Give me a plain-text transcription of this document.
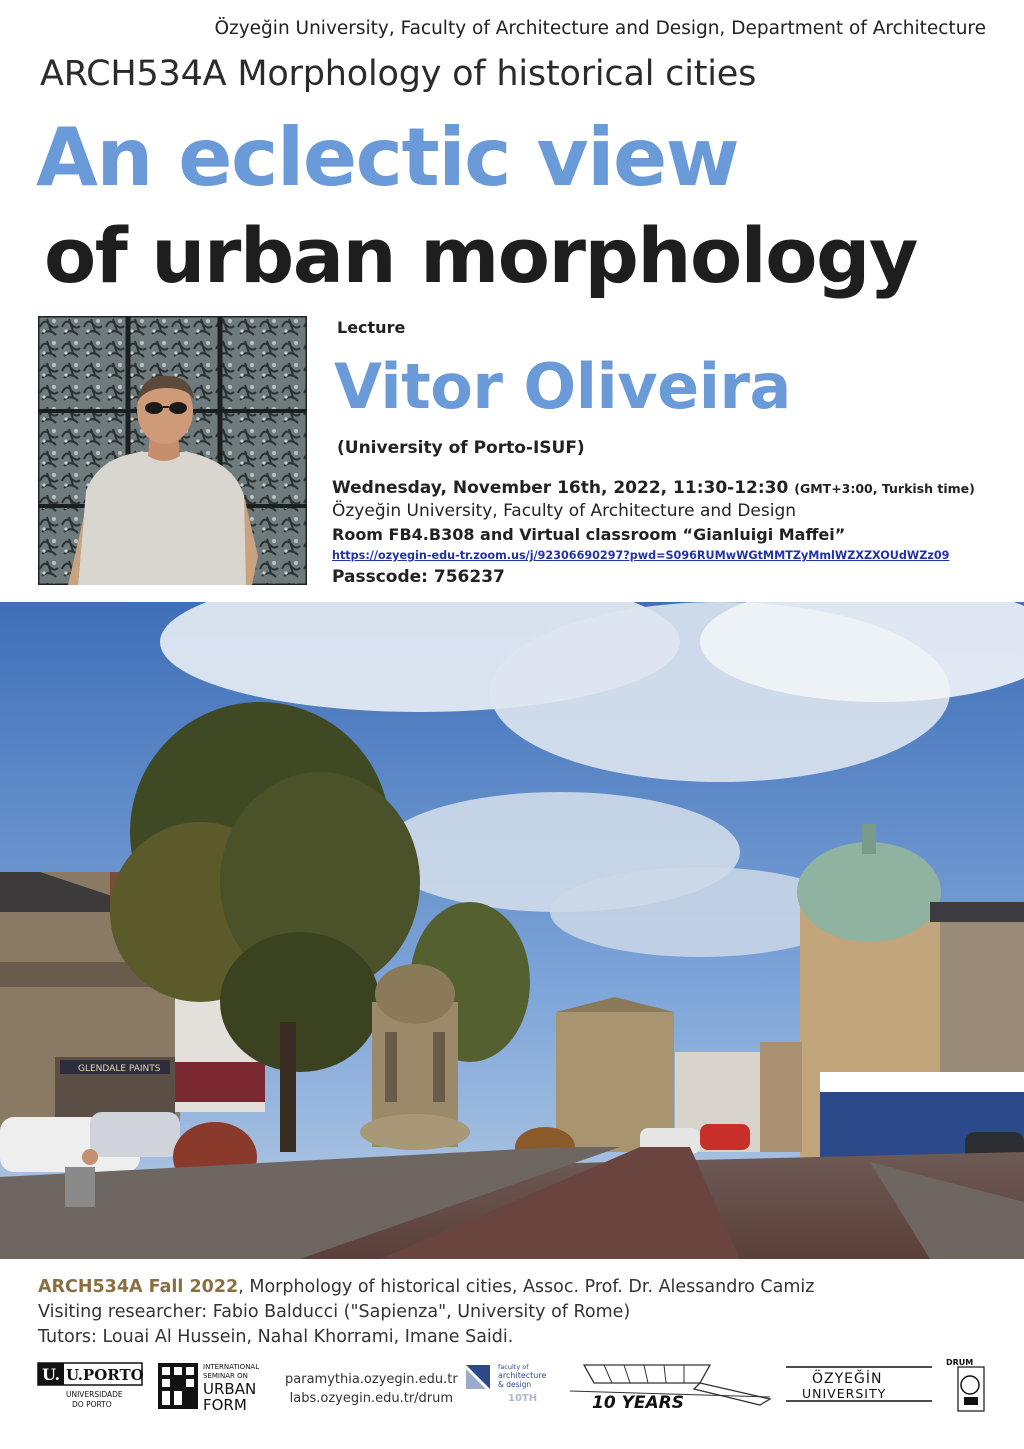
Özyeğin University, Faculty of Architecture and Design, Department of Architecture
ARCH534A Morphology of historical cities
An eclectic view
of urban morphology
Lecture
Vitor Oliveira
(University of Porto-ISUF)
Wednesday, November 16th, 2022, 11:30-12:30 (GMT+3:00, Turkish time)
Özyeğin University, Faculty of Architecture and Design
Room FB4.B308 and Virtual classroom “Gianluigi Maffei”
https://ozyegin-edu-tr.zoom.us/j/92306690297?pwd=S096RUMwWGtMMTZyMmlWZXZXOUdWZz09
Passcode: 756237
GLENDALE PAINTS
ARCH534A Fall 2022, Morphology of historical cities, Assoc. Prof. Dr. Alessandro Camiz
Visiting researcher: Fabio Balducci ("Sapienza", University of Rome)
Tutors: Louai Al Hussein, Nahal Khorrami, Imane Saidi.
U. U.PORTO
UNIVERSIDADE
DO PORTO
INTERNATIONAL
SEMINAR ON
URBAN
FORM
faculty of
architecture
& design
10TH	10 YEARS
ÖZYEĞİN
UNIVERSITY
DRUM
paramythia.ozyegin.edu.tr
labs.ozyegin.edu.tr/drum
